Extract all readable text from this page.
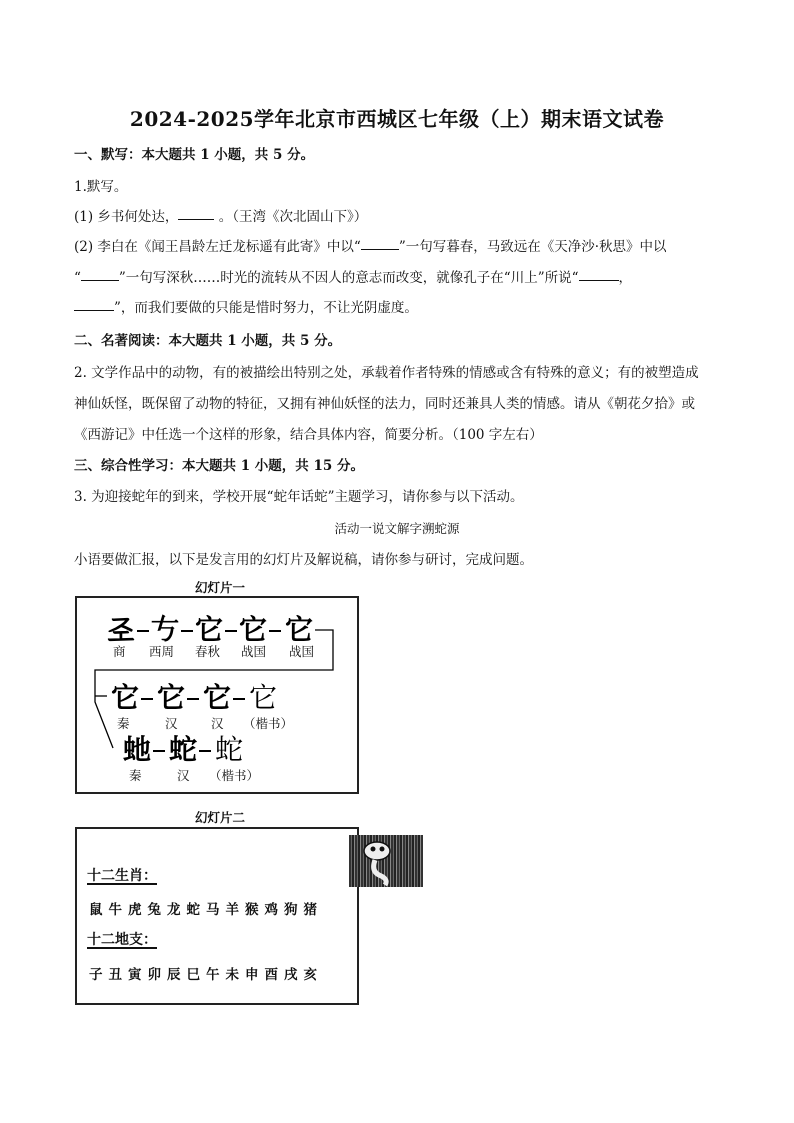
2024-2025学年北京市西城区七年级（上）期末语文试卷
一、默写：本大题共 1 小题，共 5 分。
1.默写。
(1) 乡书何处达，	。（王湾《次北固山下》）
(2) 李白在《闻王昌龄左迁龙标遥有此寄》中以“	”一句写暮春，马致远在《天净沙·秋思》中以
“	”一句写深秋……时光的流转从不因人的意志而改变，就像孔子在“川上”所说“	，
”，而我们要做的只能是惜时努力，不让光阴虚度。
二、名著阅读：本大题共 1 小题，共 5 分。
2. 文学作品中的动物，有的被描绘出特别之处，承载着作者特殊的情感或含有特殊的意义；有的被塑造成
神仙妖怪，既保留了动物的特征，又拥有神仙妖怪的法力，同时还兼具人类的情感。请从《朝花夕拾》或
《西游记》中任选一个这样的形象，结合具体内容，简要分析。（100 字左右）
三、综合性学习：本大题共 1 小题，共 15 分。
3. 为迎接蛇年的到来，学校开展“蛇年话蛇”主题学习，请你参与以下活动。
活动一说文解字溯蛇源
小语要做汇报，以下是发言用的幻灯片及解说稿，请你参与研讨，完成问题。
幻灯片一
𢀖 𠀁 它 它 它
商 西周 春秋 战国 战国
它 它 它 它
秦	汉	汉 （楷书）
虵 蛇 蛇
秦	汉 （楷书）
幻灯片二
十二生肖：
鼠牛虎兔龙蛇马羊猴鸡狗猪
十二地支：
子丑寅卯辰巳午未申酉戌亥
